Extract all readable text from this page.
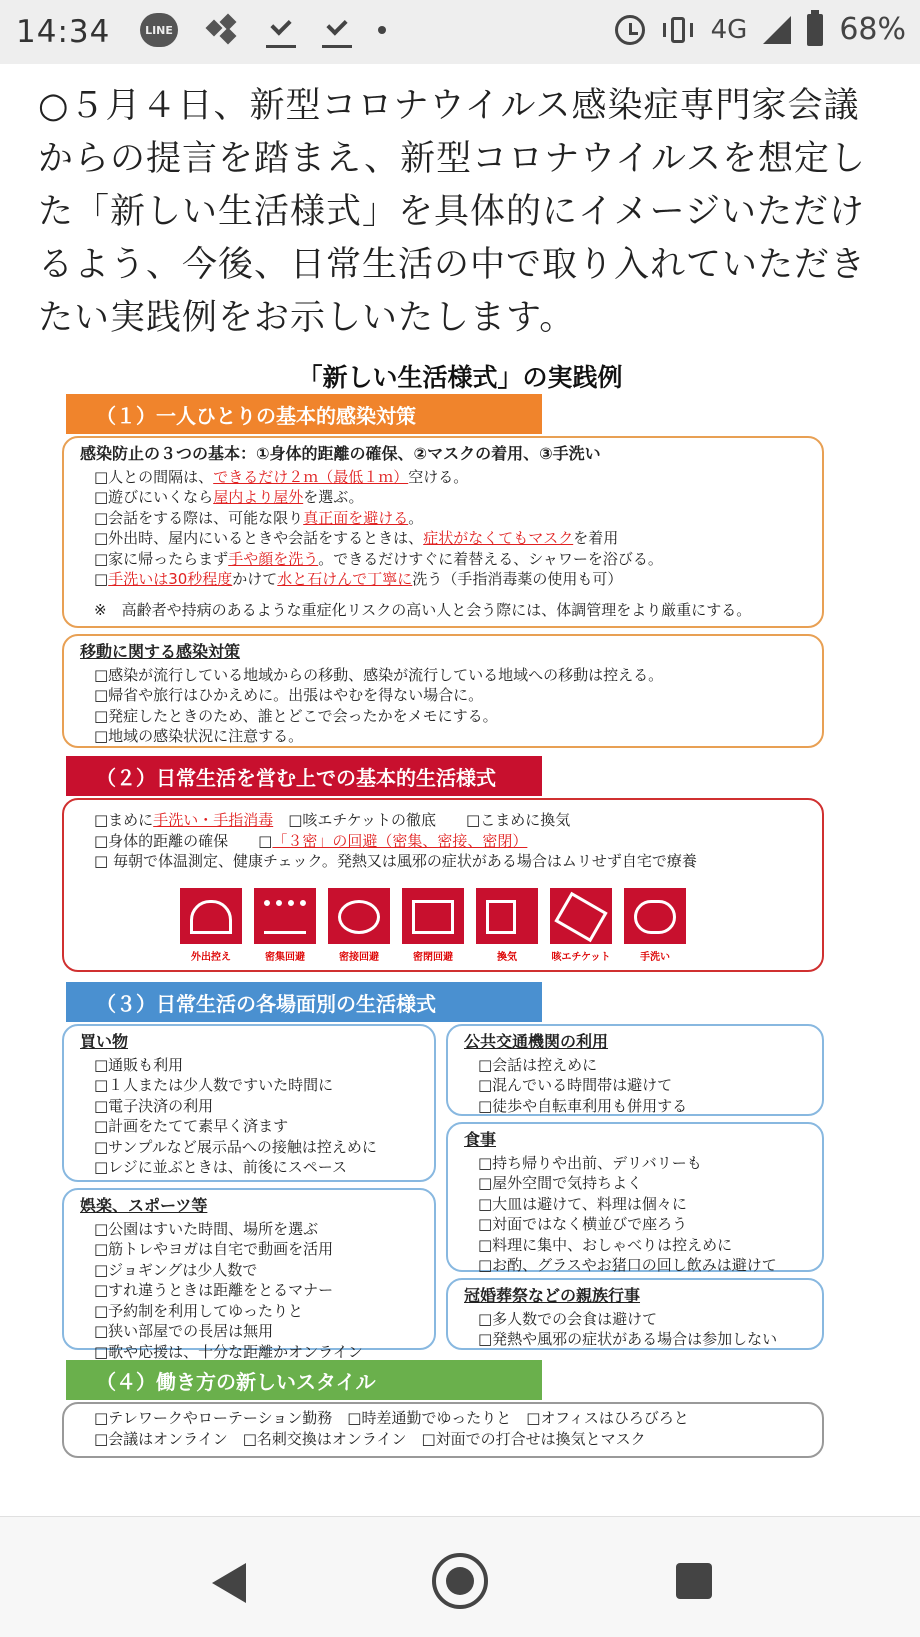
14:34	LINE	4G	68%
○５月４日、新型コロナウイルス感染症専門家会議からの提言を踏まえ、新型コロナウイルスを想定した「新しい生活様式」を具体的にイメージいただけるよう、今後、日常生活の中で取り入れていただきたい実践例をお示しいたします。
「新しい生活様式」の実践例
（１）一人ひとりの基本的感染対策
感染防止の３つの基本：①身体的距離の確保、②マスクの着用、③手洗い
□人との間隔は、できるだけ２ｍ（最低１ｍ）空ける。
□遊びにいくなら屋内より屋外を選ぶ。
□会話をする際は、可能な限り真正面を避ける。
□外出時、屋内にいるときや会話をするときは、症状がなくてもマスクを着用
□家に帰ったらまず手や顔を洗う。できるだけすぐに着替える、シャワーを浴びる。
□手洗いは30秒程度かけて水と石けんで丁寧に洗う（手指消毒薬の使用も可）
※　高齢者や持病のあるような重症化リスクの高い人と会う際には、体調管理をより厳重にする。
移動に関する感染対策
□感染が流行している地域からの移動、感染が流行している地域への移動は控える。
□帰省や旅行はひかえめに。出張はやむを得ない場合に。
□発症したときのため、誰とどこで会ったかをメモにする。
□地域の感染状況に注意する。
（２）日常生活を営む上での基本的生活様式
□まめに手洗い・手指消毒　□咳エチケットの徹底　　□こまめに換気
□身体的距離の確保　　□「３密」の回避（密集、密接、密閉）
□ 毎朝で体温測定、健康チェック。発熱又は風邪の症状がある場合はムリせず自宅で療養
外出控え	密集回避	密接回避	密閉回避	換気	咳エチケット	手洗い
（３）日常生活の各場面別の生活様式
買い物
□通販も利用
□１人または少人数ですいた時間に
□電子決済の利用
□計画をたてて素早く済ます
□サンプルなど展示品への接触は控えめに
□レジに並ぶときは、前後にスペース
娯楽、スポーツ等
□公園はすいた時間、場所を選ぶ
□筋トレやヨガは自宅で動画を活用
□ジョギングは少人数で
□すれ違うときは距離をとるマナー
□予約制を利用してゆったりと
□狭い部屋での長居は無用
□歌や応援は、十分な距離かオンライン
公共交通機関の利用
□会話は控えめに
□混んでいる時間帯は避けて
□徒歩や自転車利用も併用する
食事
□持ち帰りや出前、デリバリーも
□屋外空間で気持ちよく
□大皿は避けて、料理は個々に
□対面ではなく横並びで座ろう
□料理に集中、おしゃべりは控えめに
□お酌、グラスやお猪口の回し飲みは避けて
冠婚葬祭などの親族行事
□多人数での会食は避けて
□発熱や風邪の症状がある場合は参加しない
（４）働き方の新しいスタイル
□テレワークやローテーション勤務　□時差通勤でゆったりと　□オフィスはひろびろと
□会議はオンライン　□名刺交換はオンライン　□対面での打合せは換気とマスク
